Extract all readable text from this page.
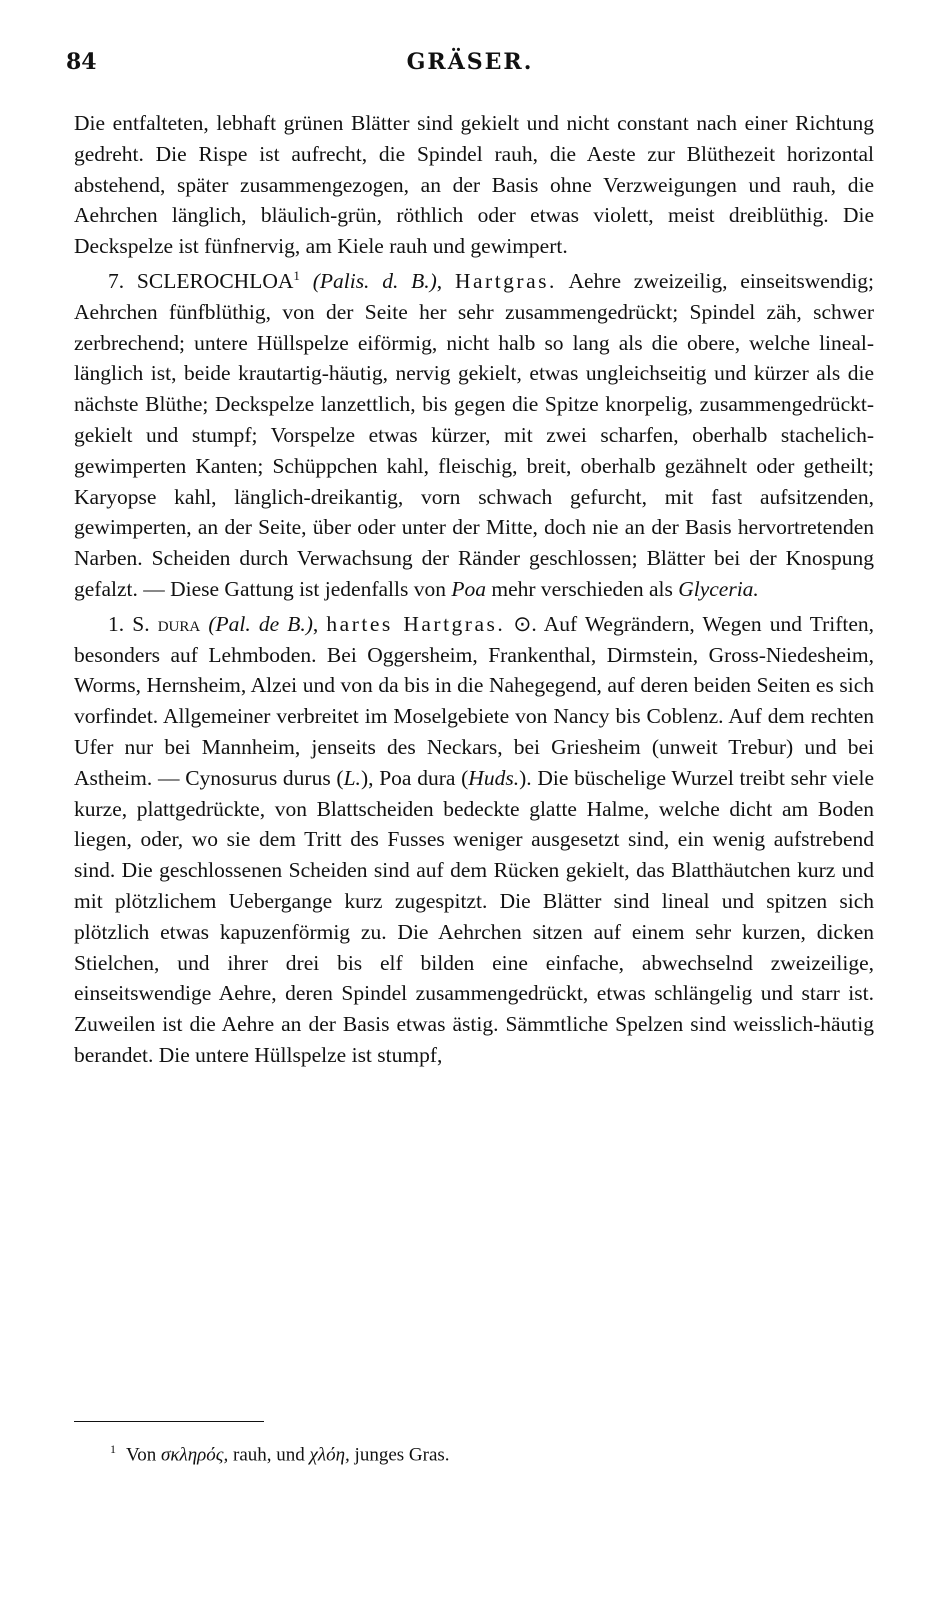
84	GRÄSER.

Die entfalteten, lebhaft grünen Blätter sind gekielt und nicht constant nach einer Richtung gedreht. Die Rispe ist aufrecht, die Spindel rauh, die Aeste zur Blüthezeit horizontal abstehend, später zusammengezogen, an der Basis ohne Verzweigungen und rauh, die Aehrchen länglich, bläulich-grün, röthlich oder etwas violett, meist dreiblüthig. Die Deckspelze ist fünfnervig, am Kiele rauh und gewimpert.

7. SCLEROCHLOA$^1$ (Palis. d. B.), Hartgras. Aehre zweizeilig, einseitswendig; Aehrchen fünfblüthig, von der Seite her sehr zusammengedrückt; Spindel zäh, schwer zerbrechend; untere Hüllspelze eiförmig, nicht halb so lang als die obere, welche lineal-länglich ist, beide krautartig-häutig, nervig gekielt, etwas ungleichseitig und kürzer als die nächste Blüthe; Deckspelze lanzettlich, bis gegen die Spitze knorpelig, zusammengedrückt-gekielt und stumpf; Vorspelze etwas kürzer, mit zwei scharfen, oberhalb stachelich-gewimperten Kanten; Schüppchen kahl, fleischig, breit, oberhalb gezähnelt oder getheilt; Karyopse kahl, länglich-dreikantig, vorn schwach gefurcht, mit fast aufsitzenden, gewimperten, an der Seite, über oder unter der Mitte, doch nie an der Basis hervortretenden Narben. Scheiden durch Verwachsung der Ränder geschlossen; Blätter bei der Knospung gefalzt. — Diese Gattung ist jedenfalls von Poa mehr verschieden als Glyceria.

1. S. dura (Pal. de B.), hartes Hartgras. ⊙. Auf Wegrändern, Wegen und Triften, besonders auf Lehmboden. Bei Oggersheim, Frankenthal, Dirmstein, Gross-Niedesheim, Worms, Hernsheim, Alzei und von da bis in die Nahegegend, auf deren beiden Seiten es sich vorfindet. Allgemeiner verbreitet im Moselgebiete von Nancy bis Coblenz. Auf dem rechten Ufer nur bei Mannheim, jenseits des Neckars, bei Griesheim (unweit Trebur) und bei Astheim. — Cynosurus durus (L.), Poa dura (Huds.). Die büschelige Wurzel treibt sehr viele kurze, plattgedrückte, von Blattscheiden bedeckte glatte Halme, welche dicht am Boden liegen, oder, wo sie dem Tritt des Fusses weniger ausgesetzt sind, ein wenig aufstrebend sind. Die geschlossenen Scheiden sind auf dem Rücken gekielt, das Blatthäutchen kurz und mit plötzlichem Uebergange kurz zugespitzt. Die Blätter sind lineal und spitzen sich plötzlich etwas kapuzenförmig zu. Die Aehrchen sitzen auf einem sehr kurzen, dicken Stielchen, und ihrer drei bis elf bilden eine einfache, abwechselnd zweizeilige, einseitswendige Aehre, deren Spindel zusammengedrückt, etwas schlängelig und starr ist. Zuweilen ist die Aehre an der Basis etwas ästig. Sämmtliche Spelzen sind weisslich-häutig berandet. Die untere Hüllspelze ist stumpf,

$^1$ Von σκληρός, rauh, und χλόη, junges Gras.
